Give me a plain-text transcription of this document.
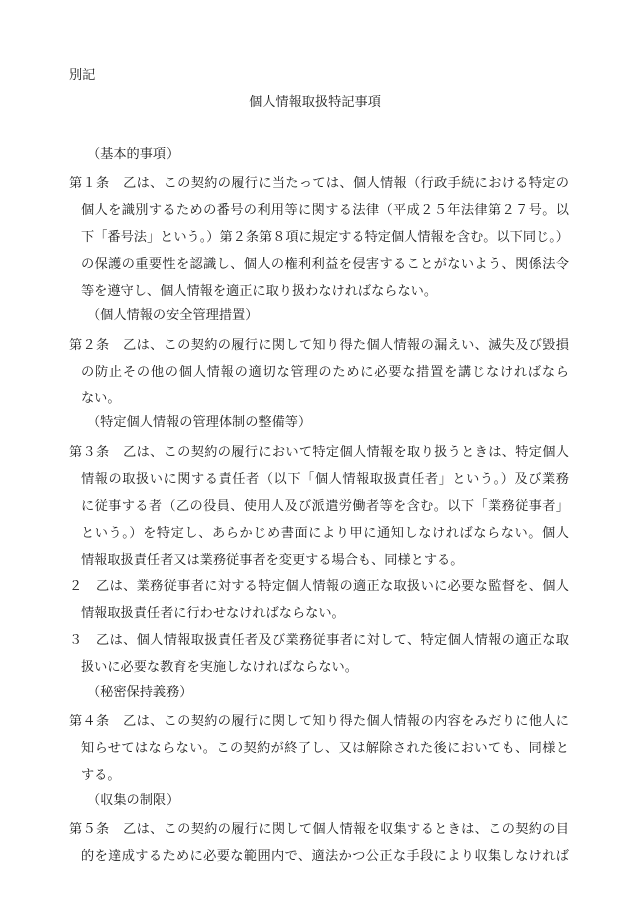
別記
個人情報取扱特記事項
（基本的事項）
第１条　乙は、この契約の履行に当たっては、個人情報（行政手続における特定の
個人を識別するための番号の利用等に関する法律（平成２５年法律第２７号。以
下「番号法」という。）第２条第８項に規定する特定個人情報を含む。以下同じ。）
の保護の重要性を認識し、個人の権利利益を侵害することがないよう、関係法令
等を遵守し、個人情報を適正に取り扱わなければならない。
（個人情報の安全管理措置）
第２条　乙は、この契約の履行に関して知り得た個人情報の漏えい、滅失及び毀損
の防止その他の個人情報の適切な管理のために必要な措置を講じなければなら
ない。
（特定個人情報の管理体制の整備等）
第３条　乙は、この契約の履行において特定個人情報を取り扱うときは、特定個人
情報の取扱いに関する責任者（以下「個人情報取扱責任者」という。）及び業務
に従事する者（乙の役員、使用人及び派遣労働者等を含む。以下「業務従事者」
という。）を特定し、あらかじめ書面により甲に通知しなければならない。個人
情報取扱責任者又は業務従事者を変更する場合も、同様とする。
２　乙は、業務従事者に対する特定個人情報の適正な取扱いに必要な監督を、個人
情報取扱責任者に行わせなければならない。
３　乙は、個人情報取扱責任者及び業務従事者に対して、特定個人情報の適正な取
扱いに必要な教育を実施しなければならない。
（秘密保持義務）
第４条　乙は、この契約の履行に関して知り得た個人情報の内容をみだりに他人に
知らせてはならない。この契約が終了し、又は解除された後においても、同様と
する。
（収集の制限）
第５条　乙は、この契約の履行に関して個人情報を収集するときは、この契約の目
的を達成するために必要な範囲内で、適法かつ公正な手段により収集しなければ
